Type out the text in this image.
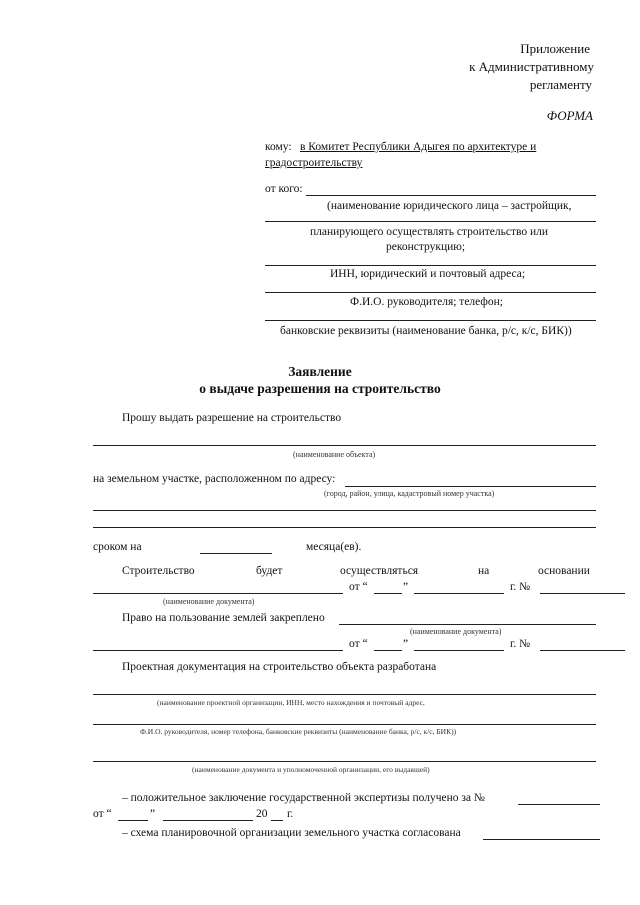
Приложение
к Административному
регламенту
ФОРМА
кому: в Комитет Республики Адыгея по архитектуре и
градостроительству
от кого:
(наименование юридического лица – застройщик,
планирующего осуществлять строительство или
реконструкцию;
ИНН, юридический и почтовый адреса;
Ф.И.О. руководителя; телефон;
банковские реквизиты (наименование банка, р/с, к/с, БИК))
Заявление
о выдаче разрешения на строительство
Прошу выдать разрешение на строительство
(наименование объекта)
на земельном участке, расположенном по адресу:
(город, район, улица, кадастровый номер участка)
сроком на	месяца(ев).
Строительство	будет	осуществляться	на	основании
от “	”	г. №
(наименование документа)
Право на пользование землей закреплено
(наименование документа)
от “	”	г. №
Проектная документация на строительство объекта разработана
(наименование проектной организации, ИНН, место нахождения и почтовый адрес,
Ф.И.О. руководителя, номер телефона, банковские реквизиты (наименование банка, р/с, к/с, БИК))
(наименование документа и уполномоченной организации, его выдавшей)
– положительное заключение государственной экспертизы получено за №
от “	”	20 г.
– схема планировочной организации земельного участка согласована
